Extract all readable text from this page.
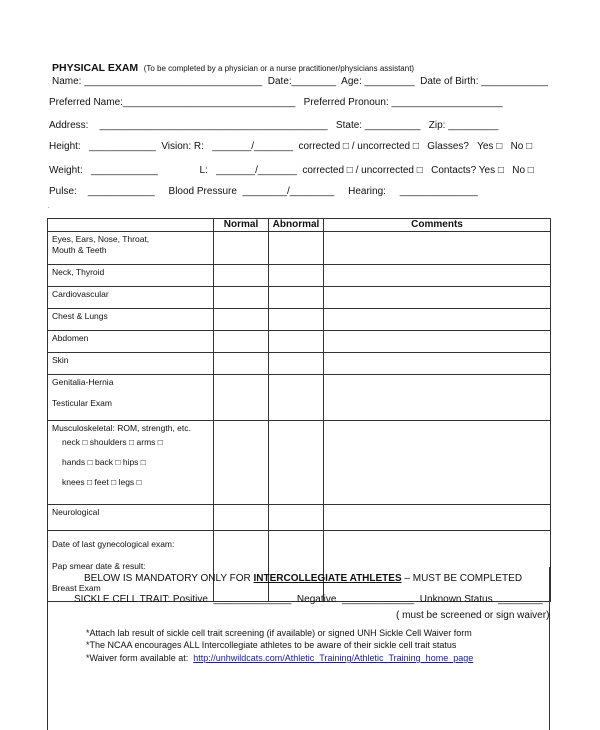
PHYSICAL EXAM (To be completed by a physician or a nurse practitioner/physicians assistant)
Name: ________________________________  Date:________  Age: _________  Date of Birth: ____________
Preferred Name:_______________________________   Preferred Pronoun: ____________________
Address:    _________________________________________   State: __________   Zip: _________
Height:   ____________  Vision: R:   _______/_______  corrected □ / uncorrected □   Glasses?   Yes □   No □
Weight:   ____________               L:   _______/_______  corrected □ / uncorrected □   Contacts? Yes □   No □
Pulse:    ____________     Blood Pressure  ________/________     Hearing:     ______________
.
	Normal	Abnormal	Comments

Eyes, Ears, Nose, Throat,
Mouth & Teeth			

Neck, Thyroid			
Cardiovascular			
Chest & Lungs			
Abdomen			
Skin			

Genitalia-Hernia
Testicular Exam			

Musculoskeletal: ROM, strength, etc.
neck □ shoulders □ arms □
hands □ back □ hips □
knees □ feet □ legs □			

Neurological			

Date of last gynecological exam:
Pap smear date & result:
Breast Exam			

BELOW IS MANDATORY ONLY FOR INTERCOLLEGIATE ATHLETES – MUST BE COMPLETED
SICKLE CELL TRAIT: Positive  ______________  Negative  _____________  Unknown Status  ________
( must be screened or sign waiver)
*Attach lab result of sickle cell trait screening (if available) or signed UNH Sickle Cell Waiver form
*The NCAA encourages ALL Intercollegiate athletes to be aware of their sickle cell trait status
*Waiver form available at: http://unhwildcats.com/Athletic_Training/Athletic_Training_home_page
